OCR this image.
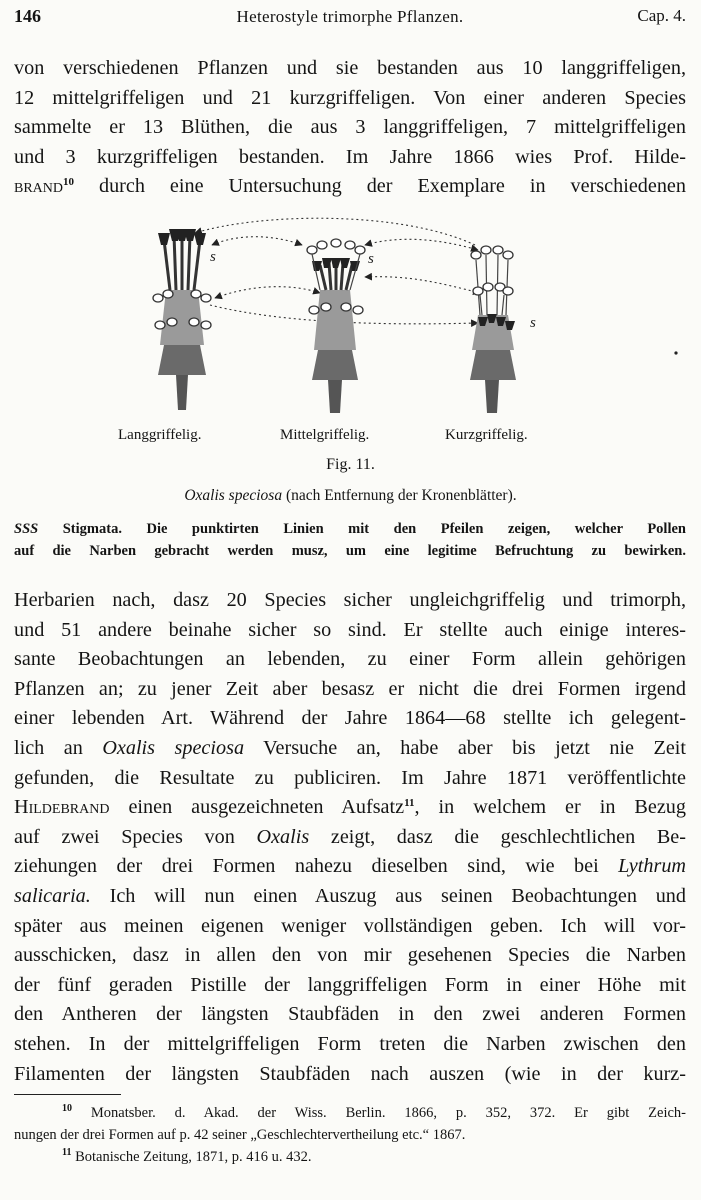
146	Heterostyle trimorphe Pflanzen.	Cap. 4.
von verschiedenen Pflanzen und sie bestanden aus 10 langgriffeligen,
12 mittelgriffeligen und 21 kurzgriffeligen. Von einer anderen Species
sammelte er 13 Blüthen, die aus 3 langgriffeligen, 7 mittelgriffeligen
und 3 kurzgriffeligen bestanden. Im Jahre 1866 wies Prof. Hilde-
brand$^{10}$ durch eine Untersuchung der Exemplare in verschiedenen
s	s
s
Langgriffelig.	Mittelgriffelig.	Kurzgriffelig.
Fig. 11.
Oxalis speciosa (nach Entfernung der Kronenblätter).
SSS Stigmata. Die punktirten Linien mit den Pfeilen zeigen, welcher Pollen
auf die Narben gebracht werden musz, um eine legitime Befruchtung zu bewirken.
Herbarien nach, dasz 20 Species sicher ungleichgriffelig und trimorph,
und 51 andere beinahe sicher so sind. Er stellte auch einige interes-
sante Beobachtungen an lebenden, zu einer Form allein gehörigen
Pflanzen an; zu jener Zeit aber besasz er nicht die drei Formen irgend
einer lebenden Art. Während der Jahre 1864—68 stellte ich gelegent-
lich an Oxalis speciosa Versuche an, habe aber bis jetzt nie Zeit
gefunden, die Resultate zu publiciren. Im Jahre 1871 veröffentlichte
Hildebrand einen ausgezeichneten Aufsatz$^{11}$, in welchem er in Bezug
auf zwei Species von Oxalis zeigt, dasz die geschlechtlichen Be-
ziehungen der drei Formen nahezu dieselben sind, wie bei Lythrum
salicaria. Ich will nun einen Auszug aus seinen Beobachtungen und
später aus meinen eigenen weniger vollständigen geben. Ich will vor-
ausschicken, dasz in allen den von mir gesehenen Species die Narben
der fünf geraden Pistille der langgriffeligen Form in einer Höhe mit
den Antheren der längsten Staubfäden in den zwei anderen Formen
stehen. In der mittelgriffeligen Form treten die Narben zwischen den
Filamenten der längsten Staubfäden nach auszen (wie in der kurz-
$^{10}$ Monatsber. d. Akad. der Wiss. Berlin. 1866, p. 352, 372. Er gibt Zeich-
nungen der drei Formen auf p. 42 seiner „Geschlechtervertheilung etc.“ 1867.
$^{11}$ Botanische Zeitung, 1871, p. 416 u. 432.
